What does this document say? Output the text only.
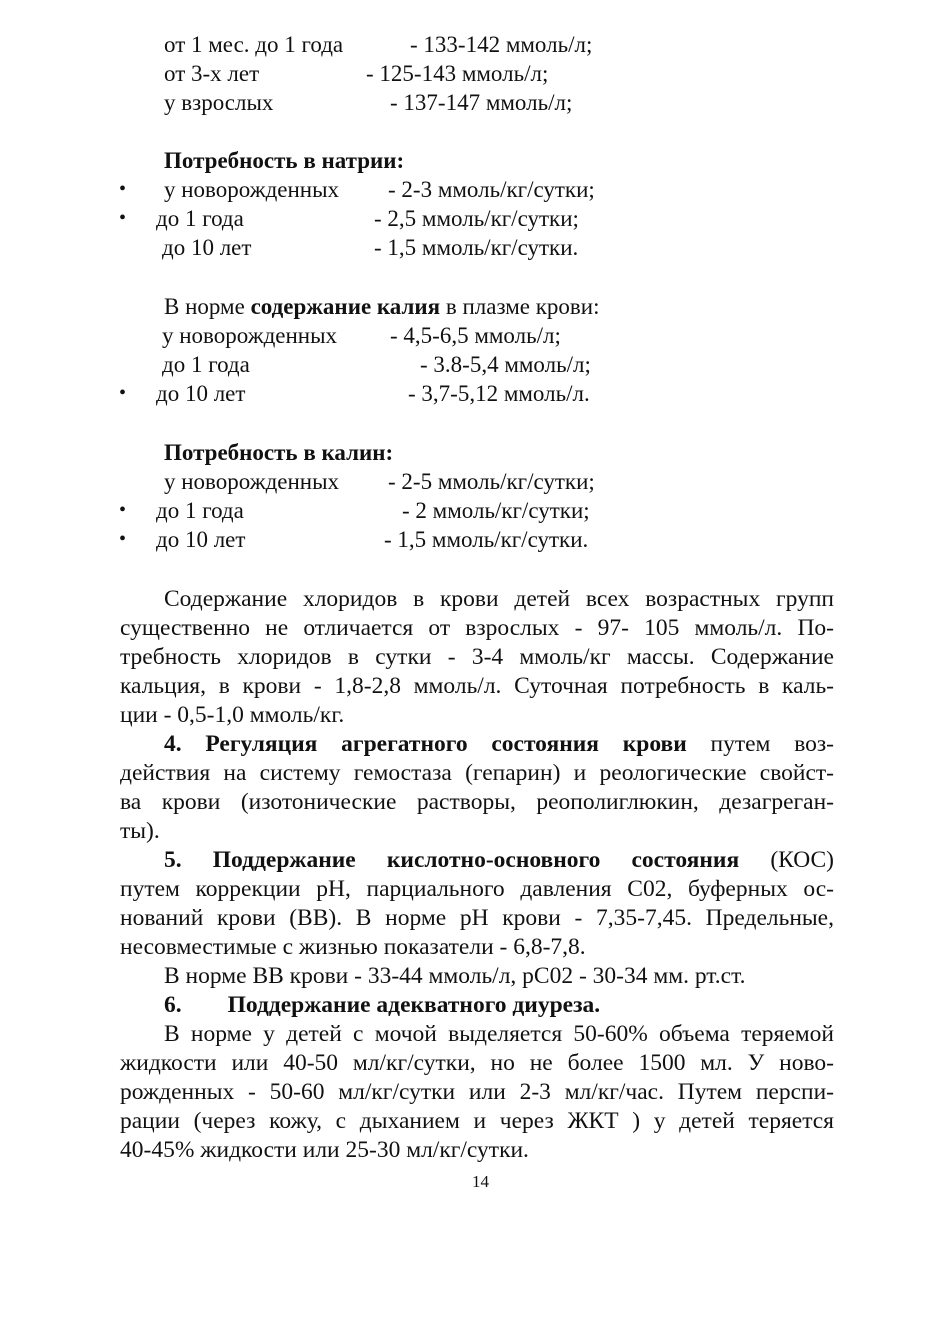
от 1 мес. до 1 года	- 133-142 ммоль/л;
от 3-х лет	- 125-143 ммоль/л;
у взрослых	- 137-147 ммоль/л;
Потребность в натрии:
• у новорожденных - 2-3 ммоль/кг/сутки;
• до 1 года	- 2,5 ммоль/кг/сутки;
до 10 лет	- 1,5 ммоль/кг/сутки.
В норме содержание калия в плазме крови:
у новорожденных - 4,5-6,5 ммоль/л;
до 1 года	- 3.8-5,4 ммоль/л;
• до 10 лет	- 3,7-5,12 ммоль/л.
Потребность в калин:
у новорожденных - 2-5 ммоль/кг/сутки;
• до 1 года	- 2 ммоль/кг/сутки;
• до 10 лет	- 1,5 ммоль/кг/сутки.
Содержание хлоридов в крови детей всех возрастных групп
существенно не отличается от взрослых - 97- 105 ммоль/л. По-
требность хлоридов в сутки - 3-4 ммоль/кг массы. Содержание
кальция, в крови - 1,8-2,8 ммоль/л. Суточная потребность в каль-
ции - 0,5-1,0 ммоль/кг.
4. Регуляция агрегатного состояния крови путем воз-
действия на систему гемостаза (гепарин) и реологические свойст-
ва крови (изотонические растворы, реополиглюкин, дезагреган-
ты).
5. Поддержание кислотно-основного состояния (КОС)
путем коррекции рН, парциального давления С02, буферных ос-
нований крови (ВВ). В норме рН крови - 7,35-7,45. Предельные,
несовместимые с жизнью показатели - 6,8-7,8.
В норме ВВ крови - 33-44 ммоль/л, рС02 - 30-34 мм. рт.ст.
6. Поддержание адекватного диуреза.
В норме у детей с мочой выделяется 50-60% объема теряемой
жидкости или 40-50 мл/кг/сутки, но не более 1500 мл. У ново-
рожденных - 50-60 мл/кг/сутки или 2-3 мл/кг/час. Путем перспи-
рации (через кожу, с дыханием и через ЖКТ ) у детей теряется
40-45% жидкости или 25-30 мл/кг/сутки.
14
